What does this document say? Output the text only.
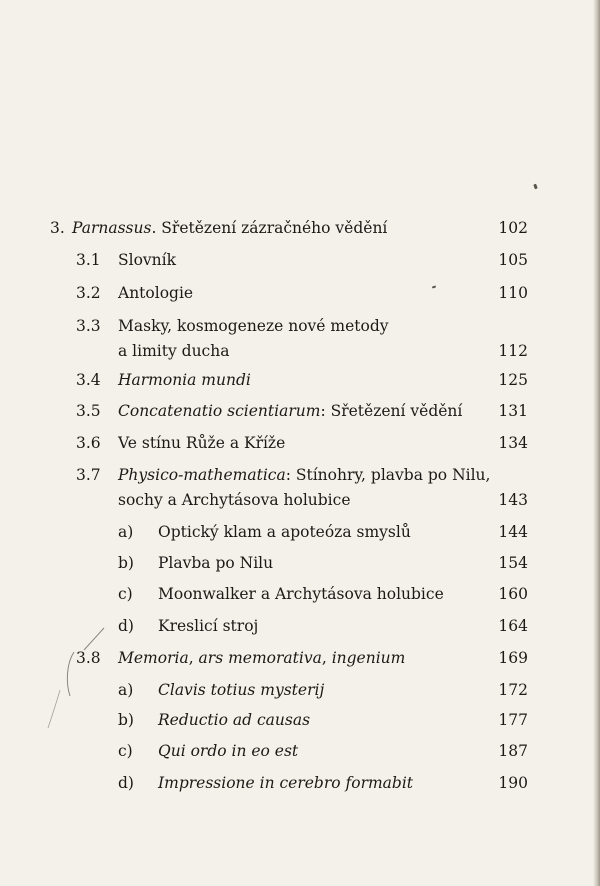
3. Parnassus. Sřetězení zázračného vědění	102
3.1 Slovník	105
3.2 Antologie	110
3.3 Masky, kosmogeneze nové metody
a limity ducha	112
3.4 Harmonia mundi	125
3.5 Concatenatio scientiarum: Sřetězení vědění 131
3.6 Ve stínu Růže a Kříže	134
3.7 Physico-mathematica: Stínohry, plavba po Nilu,
sochy a Archytásova holubice	143
a) Optický klam a apoteóza smyslů	144
b) Plavba po Nilu	154
c) Moonwalker a Archytásova holubice	160
d) Kreslicí stroj	164
3.8 Memoria, ars memorativa, ingenium	169
a) Clavis totius mysterij	172
b) Reductio ad causas	177
c) Qui ordo in eo est	187
d) Impressione in cerebro formabit	190
